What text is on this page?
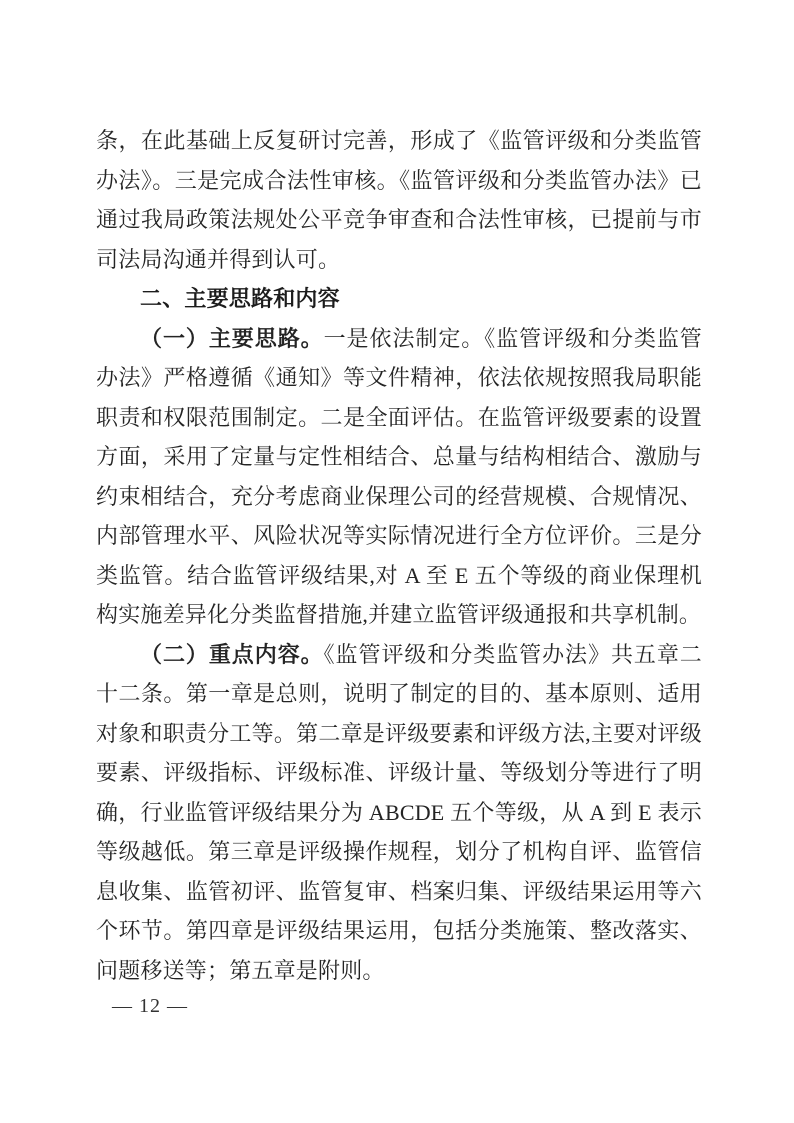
条，在此基础上反复研讨完善，形成了《监管评级和分类监管办法》。三是完成合法性审核。《监管评级和分类监管办法》已通过我局政策法规处公平竞争审查和合法性审核，已提前与市司法局沟通并得到认可。

二、主要思路和内容

（一）主要思路。一是依法制定。《监管评级和分类监管办法》严格遵循《通知》等文件精神，依法依规按照我局职能职责和权限范围制定。二是全面评估。在监管评级要素的设置方面，采用了定量与定性相结合、总量与结构相结合、激励与约束相结合，充分考虑商业保理公司的经营规模、合规情况、内部管理水平、风险状况等实际情况进行全方位评价。三是分类监管。结合监管评级结果,对 A 至 E 五个等级的商业保理机构实施差异化分类监督措施,并建立监管评级通报和共享机制。

（二）重点内容。《监管评级和分类监管办法》共五章二十二条。第一章是总则，说明了制定的目的、基本原则、适用对象和职责分工等。第二章是评级要素和评级方法,主要对评级要素、评级指标、评级标准、评级计量、等级划分等进行了明确，行业监管评级结果分为 ABCDE 五个等级，从 A 到 E 表示等级越低。第三章是评级操作规程，划分了机构自评、监管信息收集、监管初评、监管复审、档案归集、评级结果运用等六个环节。第四章是评级结果运用，包括分类施策、整改落实、问题移送等；第五章是附则。

— 12 —
